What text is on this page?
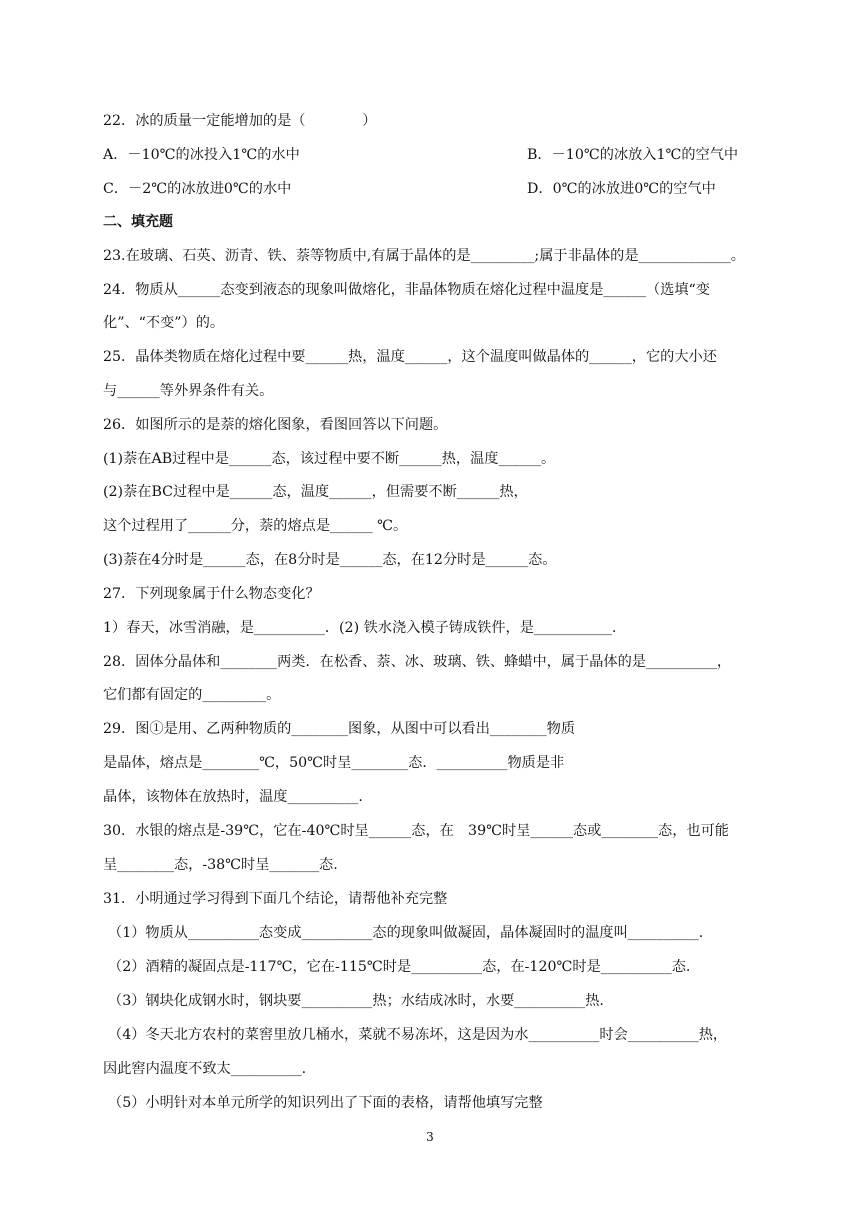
22．冰的质量一定能增加的是（　　　　）
A．－10℃的冰投入1℃的水中	B．－10℃的冰放入1℃的空气中
C．－2℃的冰放进0℃的水中	D．0℃的冰放进0℃的空气中
二、填充题
23.在玻璃、石英、沥青、铁、萘等物质中,有属于晶体的是_________;属于非晶体的是_____________。
24．物质从______态变到液态的现象叫做熔化，非晶体物质在熔化过程中温度是______（选填“变
化”、“不变”）的。
25．晶体类物质在熔化过程中要______热，温度______，这个温度叫做晶体的______，它的大小还
与______等外界条件有关。
26．如图所示的是萘的熔化图象，看图回答以下问题。
(1)萘在AB过程中是______态，该过程中要不断______热，温度______。
(2)萘在BC过程中是______态，温度______，但需要不断______热，
这个过程用了______分，萘的熔点是______ ℃。
(3)萘在4分时是______态，在8分时是______态，在12分时是______态。
27．下列现象属于什么物态变化？
1）春天，冰雪消融，是__________．(2) 铁水浇入模子铸成铁件，是___________.
28．固体分晶体和________两类．在松香、萘、冰、玻璃、铁、蜂蜡中，属于晶体的是__________，
它们都有固定的_________。
29．图①是用、乙两种物质的________图象，从图中可以看出________物质
是晶体，熔点是________℃，50℃时呈________态．__________物质是非
晶体，该物体在放热时，温度__________.
30．水银的熔点是-39℃，它在-40℃时呈______态，在　39℃时呈______态或________态，也可能
呈________态，-38℃时呈_______态.
31．小明通过学习得到下面几个结论，请帮他补充完整
（1）物质从__________态变成__________态的现象叫做凝固，晶体凝固时的温度叫__________.
（2）酒精的凝固点是-117℃，它在-115℃时是__________态，在-120℃时是__________态.
（3）钢块化成钢水时，钢块要__________热；水结成冰时，水要__________热.
（4）冬天北方农村的菜窖里放几桶水，菜就不易冻坏，这是因为水__________时会__________热，
因此窖内温度不致太__________.
（5）小明针对本单元所学的知识列出了下面的表格，请帮他填写完整
3
